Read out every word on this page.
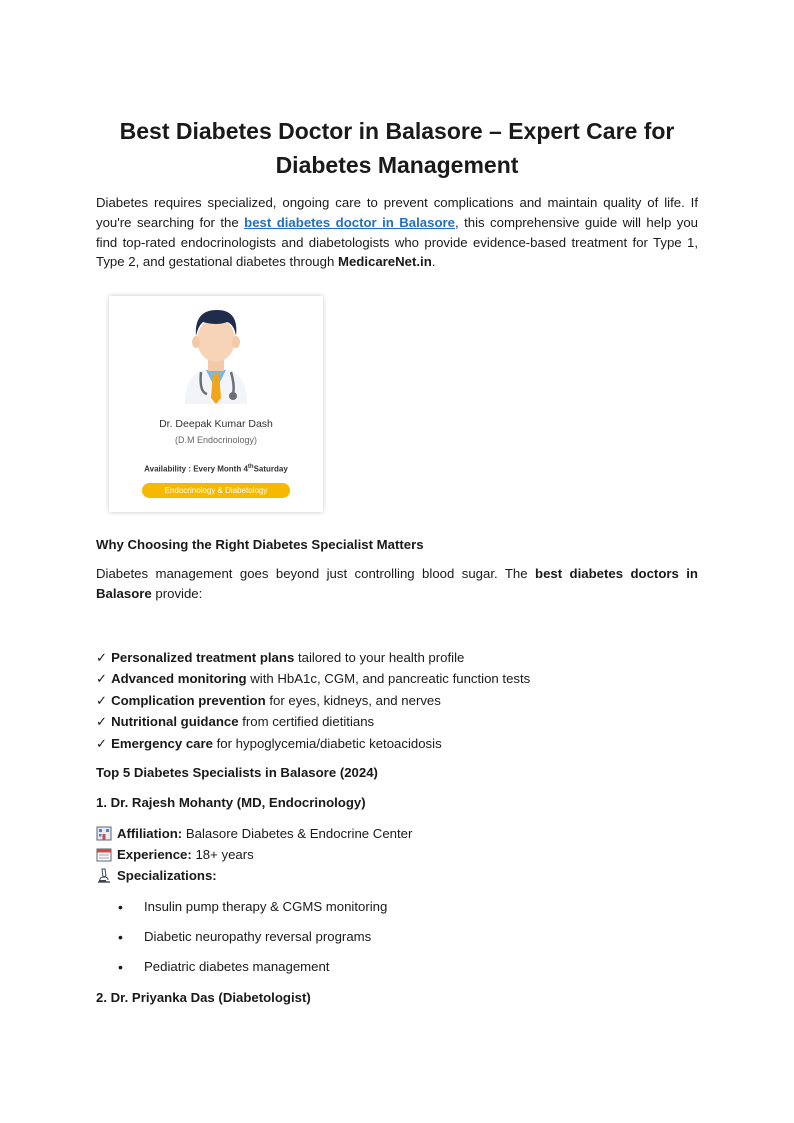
Best Diabetes Doctor in Balasore – Expert Care for
Diabetes Management

Diabetes requires specialized, ongoing care to prevent complications and maintain quality of life. If you're searching for the best diabetes doctor in Balasore, this comprehensive guide will help you find top-rated endocrinologists and diabetologists who provide evidence-based treatment for Type 1, Type 2, and gestational diabetes through MedicareNet.in.

Dr. Deepak Kumar Dash
(D.M Endocrinology)
Availability : Every Month 4thSaturday
Endocrinology & Diabetology
Why Choosing the Right Diabetes Specialist Matters

Diabetes management goes beyond just controlling blood sugar. The best diabetes doctors in Balasore provide:

✓ Personalized treatment plans tailored to your health profile
✓ Advanced monitoring with HbA1c, CGM, and pancreatic function tests
✓ Complication prevention for eyes, kidneys, and nerves
✓ Nutritional guidance from certified dietitians
✓ Emergency care for hypoglycemia/diabetic ketoacidosis
Top 5 Diabetes Specialists in Balasore (2024)
1. Dr. Rajesh Mohanty (MD, Endocrinology)
Affiliation: Balasore Diabetes & Endocrine Center
Experience: 18+ years
Specializations:
• Insulin pump therapy & CGMS monitoring
• Diabetic neuropathy reversal programs
• Pediatric diabetes management
2. Dr. Priyanka Das (Diabetologist)
